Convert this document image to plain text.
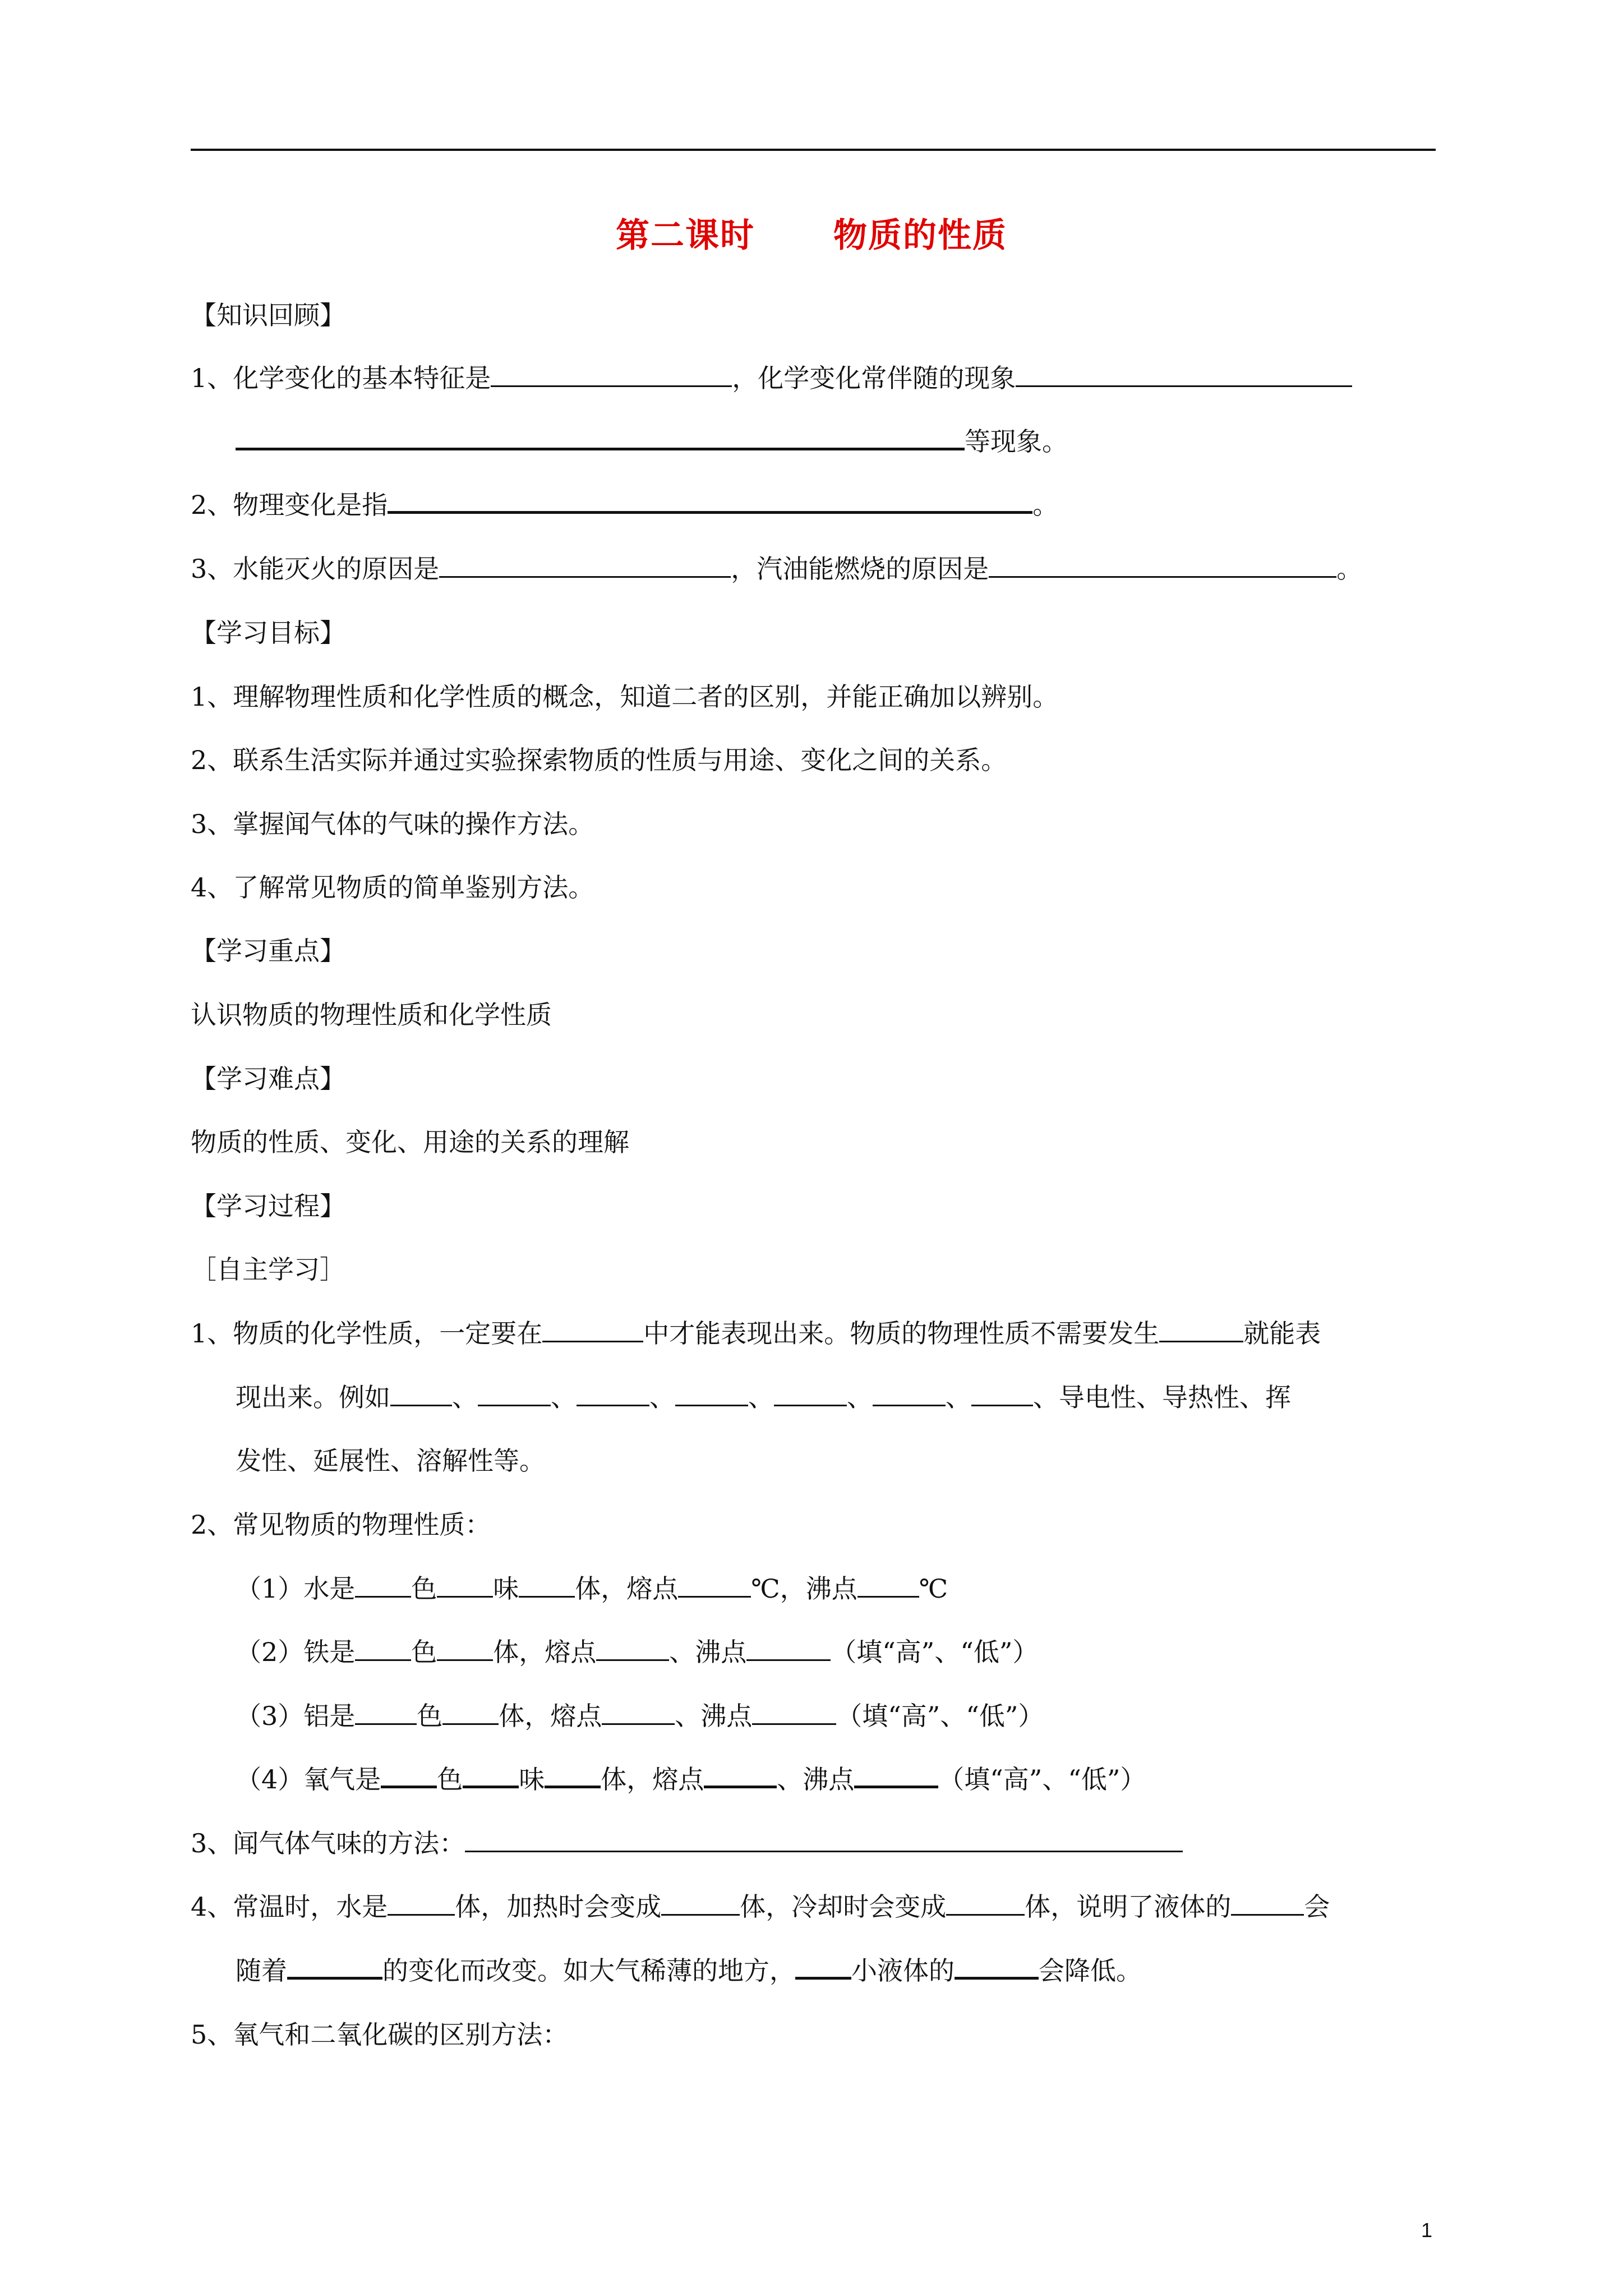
第二课时 物质的性质
【知识回顾】
1、化学变化的基本特征是	，化学变化常伴随的现象
等现象。
2、物理变化是指	。
3、水能灭火的原因是	，汽油能燃烧的原因是	。
【学习目标】
1、理解物理性质和化学性质的概念，知道二者的区别，并能正确加以辨别。
2、联系生活实际并通过实验探索物质的性质与用途、变化之间的关系。
3、掌握闻气体的气味的操作方法。
4、了解常见物质的简单鉴别方法。
【学习重点】
认识物质的物理性质和化学性质
【学习难点】
物质的性质、变化、用途的关系的理解
【学习过程】
［自主学习］
1、物质的化学性质，一定要在	中才能表现出来。物质的物理性质不需要发生	就能表
现出来。例如 、	、	、	、	、	、 、导电性、导热性、挥
发性、延展性、溶解性等。
2、常见物质的物理性质：
（1）水是 色 味 体，熔点	℃，沸点 ℃
（2）铁是 色 体，熔点	、沸点	（填“高”、“低”）
（3）铝是 色 体，熔点	、沸点	（填“高”、“低”）
（4）氧气是 色 味 体，熔点	、沸点	（填“高”、“低”）
3、闻气体气味的方法：
4、常温时，水是	体，加热时会变成	体，冷却时会变成	体，说明了液体的	会
随着	的变化而改变。如大气稀薄的地方， 小液体的	会降低。
5、氧气和二氧化碳的区别方法：
1
